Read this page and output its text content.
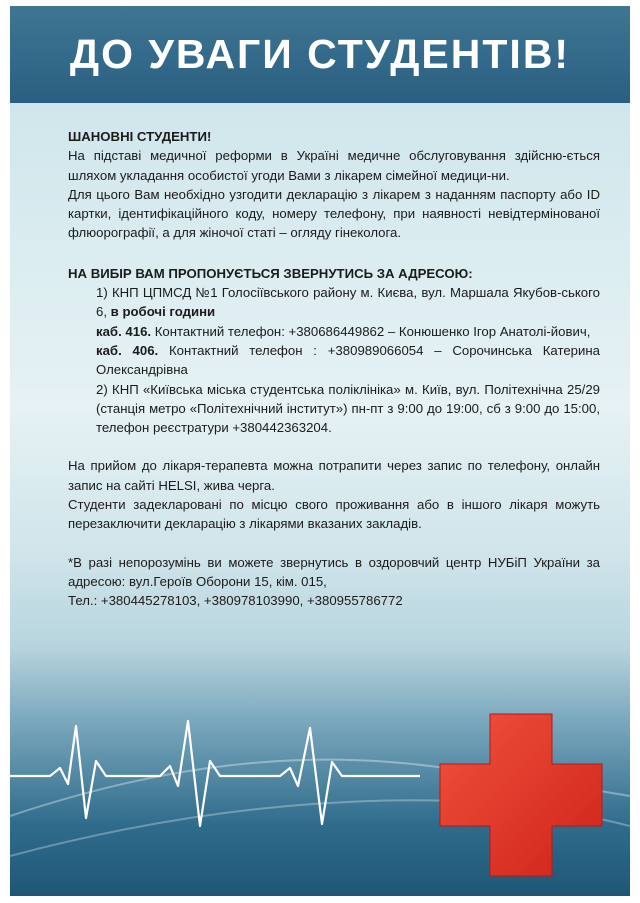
ДО УВАГИ СТУДЕНТІВ!

ШАНОВНІ СТУДЕНТИ!

На підставі медичної реформи в Україні медичне обслуговування здійсню-ється шляхом укладання особистої угоди Вами з лікарем сімейної медици-ни.

Для цього Вам необхідно узгодити декларацію з лікарем з наданням паспорту або ID картки, ідентифікаційного коду, номеру телефону, при наявності невідтермінованої флюорографії, а для жіночої статі – огляду гінеколога.

НА ВИБІР ВАМ ПРОПОНУЄТЬСЯ ЗВЕРНУТИСЬ ЗА АДРЕСОЮ:

1) КНП ЦПМСД №1 Голосіївського району м. Києва, вул. Маршала Якубов-ського 6, в робочі години

каб. 416. Контактний телефон: +380686449862 – Конюшенко Ігор Анатолі-йович,

каб. 406. Контактний телефон : +380989066054 – Сорочинська Катерина Олександрівна

2) КНП «Київська міська студентська поліклініка» м. Київ, вул. Політехнічна 25/29 (станція метро «Політехнічний інститут») пн-пт з 9:00 до 19:00, сб з 9:00 до 15:00, телефон реєстратури +380442363204.

На прийом до лікаря-терапевта можна потрапити через запис по телефону, онлайн запис на сайті HELSI, жива черга.

Студенти задекларовані по місцю свого проживання або в іншого лікаря можуть перезаключити декларацію з лікарями вказаних закладів.

*В разі непорозумінь ви можете звернутись в оздоровчий центр НУБіП України за адресою: вул.Героїв Оборони 15, кім. 015,

Тел.: +380445278103, +380978103990, +380955786772
